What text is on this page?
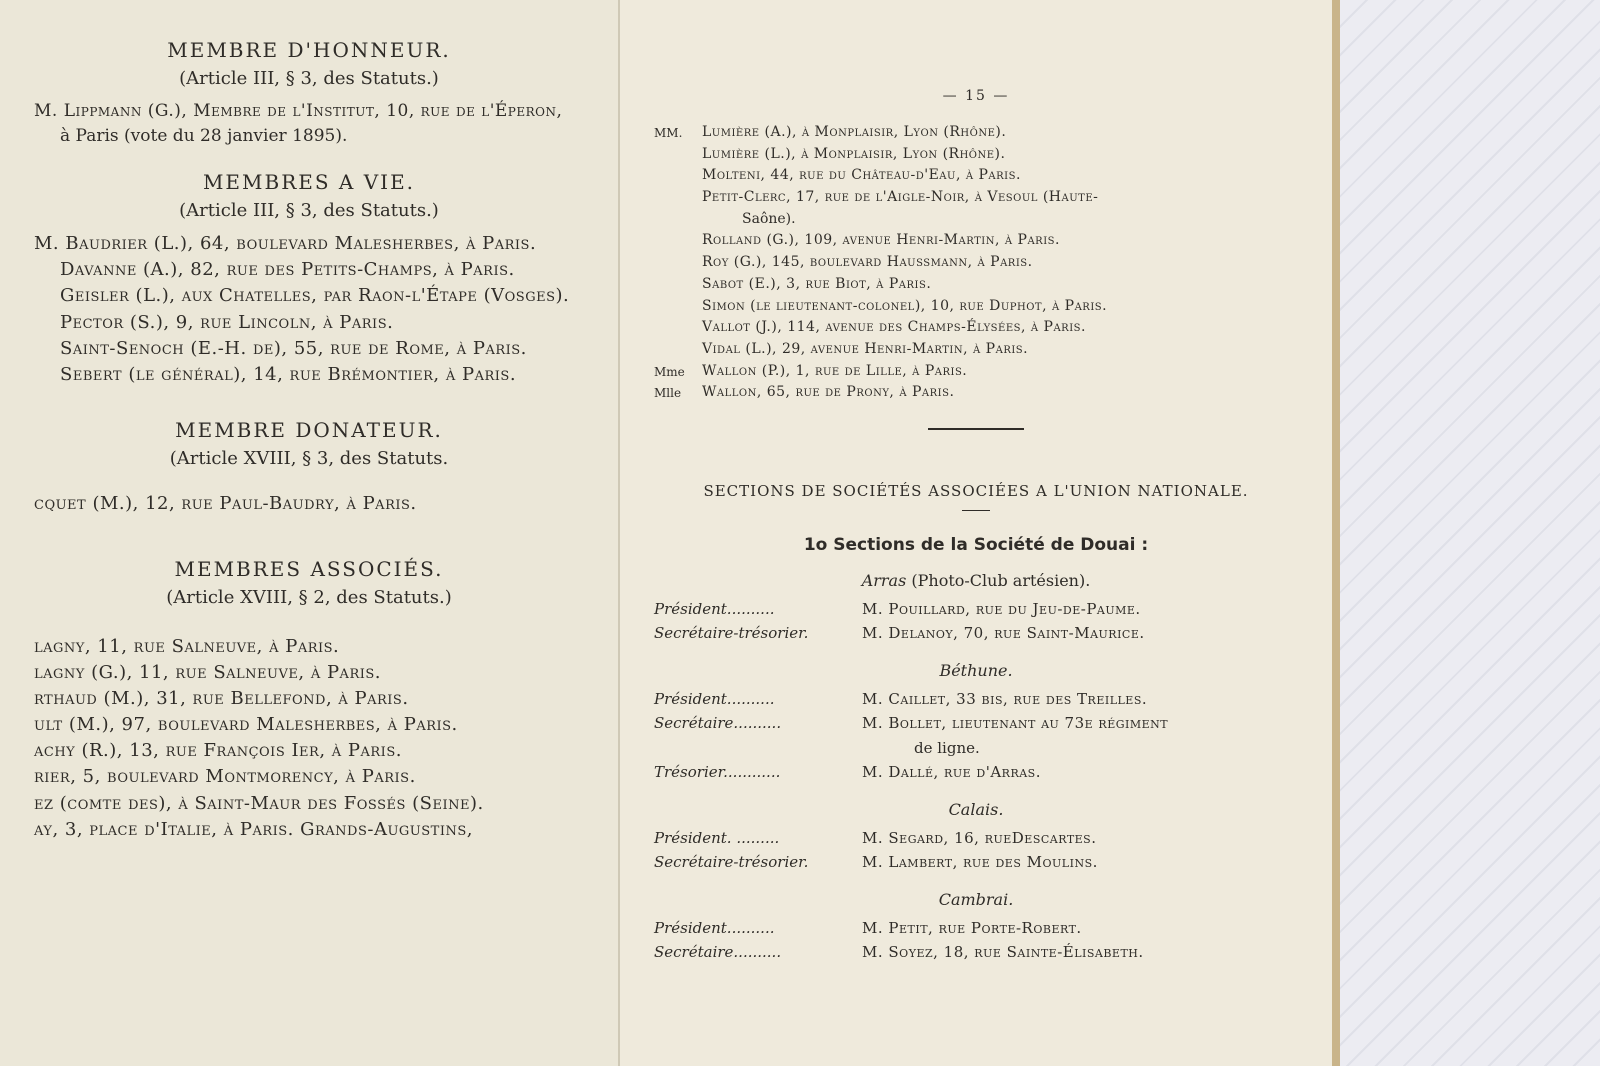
MEMBRE D'HONNEUR.
(Article III, § 3, des Statuts.)
M. Lippmann (G.), Membre de l'Institut, 10, rue de l'Éperon,
à Paris (vote du 28 janvier 1895).
MEMBRES A VIE.
(Article III, § 3, des Statuts.)
M. Baudrier (L.), 64, boulevard Malesherbes, à Paris.
Davanne (A.), 82, rue des Petits-Champs, à Paris.
Geisler (L.), aux Chatelles, par Raon-l'Étape (Vosges).
Pector (S.), 9, rue Lincoln, à Paris.
Saint-Senoch (E.-H. de), 55, rue de Rome, à Paris.
Sebert (le général), 14, rue Brémontier, à Paris.
MEMBRE DONATEUR.
(Article XVIII, § 3, des Statuts.
cquet (M.), 12, rue Paul-Baudry, à Paris.
MEMBRES ASSOCIÉS.
(Article XVIII, § 2, des Statuts.)
lagny, 11, rue Salneuve, à Paris.
lagny (G.), 11, rue Salneuve, à Paris.
rthaud (M.), 31, rue Bellefond, à Paris.
ult (M.), 97, boulevard Malesherbes, à Paris.
achy (R.), 13, rue François Ier, à Paris.
rier, 5, boulevard Montmorency, à Paris.
ez (comte des), à Saint-Maur des Fossés (Seine).
ay, 3, place d'Italie, à Paris. Grands-Augustins,
— 15 —
MM.	Lumière (A.), à Monplaisir, Lyon (Rhône).
Lumière (L.), à Monplaisir, Lyon (Rhône).
Molteni, 44, rue du Château-d'Eau, à Paris.
Petit-Clerc, 17, rue de l'Aigle-Noir, à Vesoul (Haute-
Saône).
Rolland (G.), 109, avenue Henri-Martin, à Paris.
Roy (G.), 145, boulevard Haussmann, à Paris.
Sabot (E.), 3, rue Biot, à Paris.
Simon (le lieutenant-colonel), 10, rue Duphot, à Paris.
Vallot (J.), 114, avenue des Champs-Élysées, à Paris.
Vidal (L.), 29, avenue Henri-Martin, à Paris.
Mme	Wallon (P.), 1, rue de Lille, à Paris.
Mlle	Wallon, 65, rue de Prony, à Paris.
SECTIONS DE SOCIÉTÉS ASSOCIÉES A L'UNION NATIONALE.
1o Sections de la Société de Douai :
Arras (Photo-Club artésien).
Président..........	M. Pouillard, rue du Jeu-de-Paume.
Secrétaire-trésorier.	M. Delanoy, 70, rue Saint-Maurice.
Béthune.
Président..........	M. Caillet, 33 bis, rue des Treilles.
Secrétaire..........	M. Bollet, lieutenant au 73e régiment
de ligne.
Trésorier............	M. Dallé, rue d'Arras.
Calais.
Président. .........	M. Segard, 16, rueDescartes.
Secrétaire-trésorier.	M. Lambert, rue des Moulins.
Cambrai.
Président..........	M. Petit, rue Porte-Robert.
Secrétaire..........	M. Soyez, 18, rue Sainte-Élisabeth.
